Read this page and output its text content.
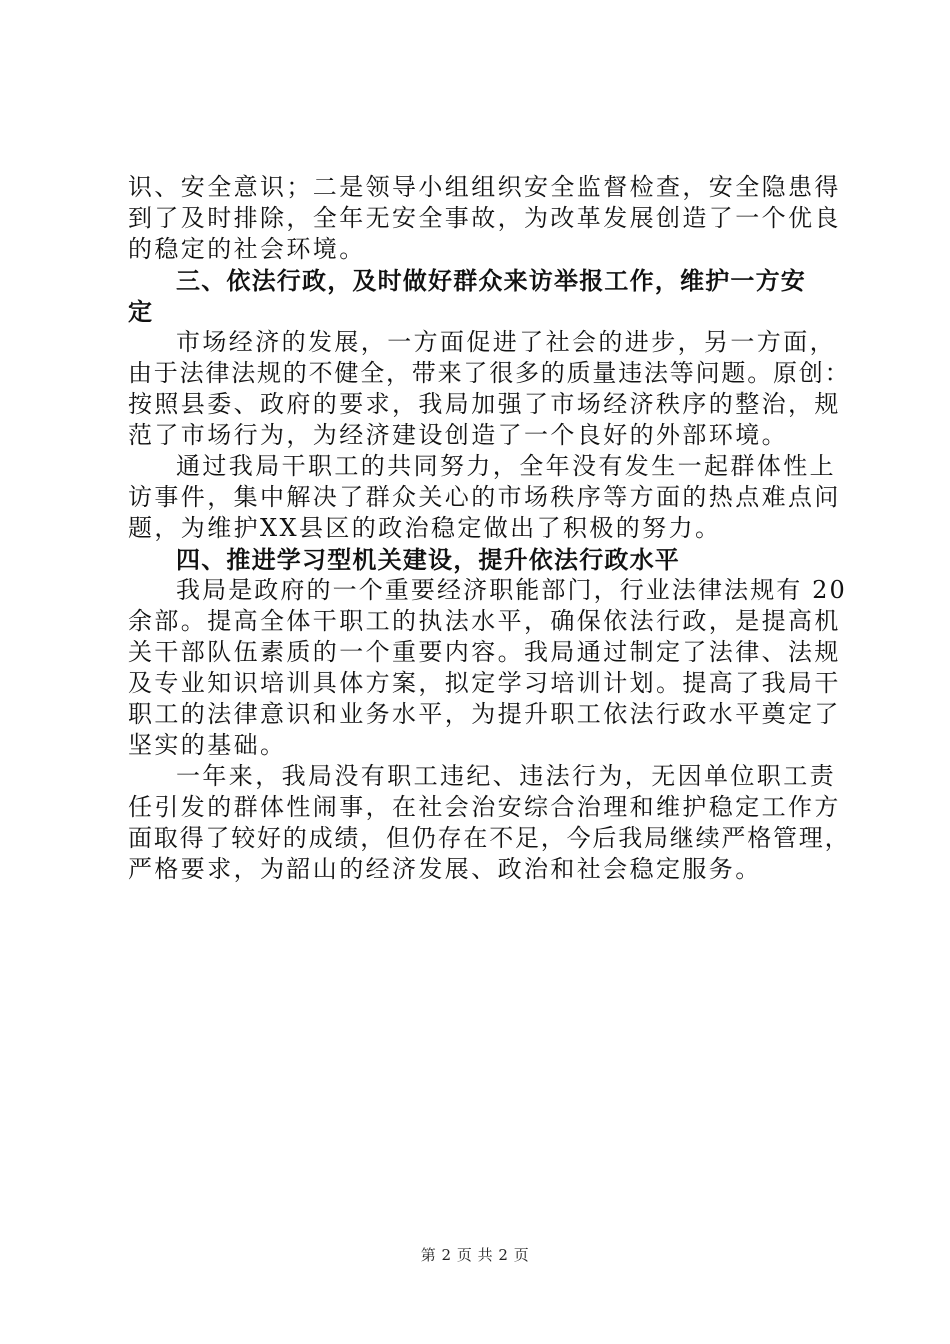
识、安全意识；二是领导小组组织安全监督检查，安全隐患得
到了及时排除，全年无安全事故，为改革发展创造了一个优良
的稳定的社会环境。
三、依法行政，及时做好群众来访举报工作，维护一方安
定
市场经济的发展，一方面促进了社会的进步，另一方面，
由于法律法规的不健全，带来了很多的质量违法等问题。原创：
按照县委、政府的要求，我局加强了市场经济秩序的整治，规
范了市场行为，为经济建设创造了一个良好的外部环境。
通过我局干职工的共同努力，全年没有发生一起群体性上
访事件，集中解决了群众关心的市场秩序等方面的热点难点问
题，为维护XX县区的政治稳定做出了积极的努力。
四、推进学习型机关建设，提升依法行政水平
我局是政府的一个重要经济职能部门，行业法律法规有 20
余部。提高全体干职工的执法水平，确保依法行政，是提高机
关干部队伍素质的一个重要内容。我局通过制定了法律、法规
及专业知识培训具体方案，拟定学习培训计划。提高了我局干
职工的法律意识和业务水平，为提升职工依法行政水平奠定了
坚实的基础。
一年来，我局没有职工违纪、违法行为，无因单位职工责
任引发的群体性闹事，在社会治安综合治理和维护稳定工作方
面取得了较好的成绩，但仍存在不足，今后我局继续严格管理，
严格要求，为韶山的经济发展、政治和社会稳定服务。
第 2 页 共 2 页
